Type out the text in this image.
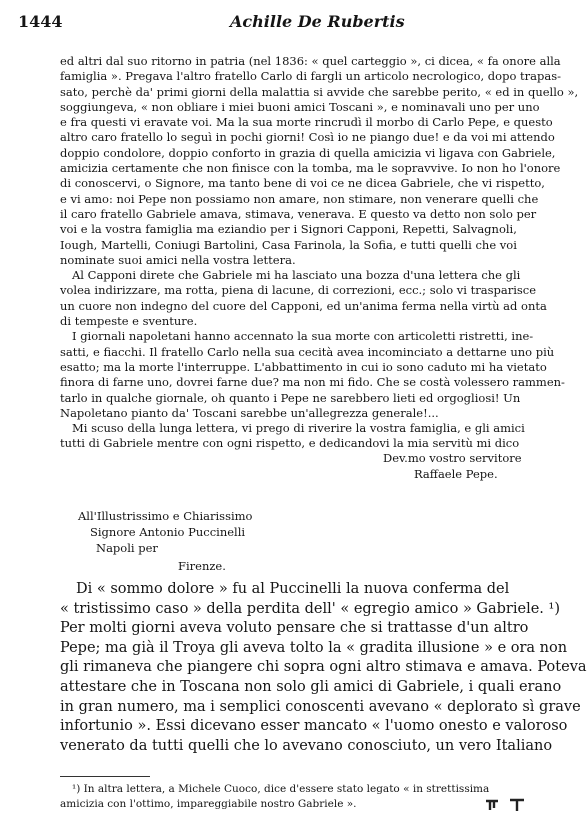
1444	Achille De Rubertis
ed altri dal suo ritorno in patria (nel 1836: « quel carteggio », ci dicea, « fa onore alla
famiglia ». Pregava l'altro fratello Carlo di fargli un articolo necrologico, dopo trapas-
sato, perchè da' primi giorni della malattia si avvide che sarebbe perito, « ed in quello »,
soggiungeva, « non obliare i miei buoni amici Toscani », e nominavali uno per uno
e fra questi vi eravate voi. Ma la sua morte rincrudì il morbo di Carlo Pepe, e questo
altro caro fratello lo seguì in pochi giorni! Così io ne piango due! e da voi mi attendo
doppio condolore, doppio conforto in grazia di quella amicizia vi ligava con Gabriele,
amicizia certamente che non finisce con la tomba, ma le sopravvive. Io non ho l'onore
di conoscervi, o Signore, ma tanto bene di voi ce ne dicea Gabriele, che vi rispetto,
e vi amo: noi Pepe non possiamo non amare, non stimare, non venerare quelli che
il caro fratello Gabriele amava, stimava, venerava. E questo va detto non solo per
voi e la vostra famiglia ma eziandio per i Signori Capponi, Repetti, Salvagnoli,
Iough, Martelli, Coniugi Bartolini, Casa Farinola, la Sofia, e tutti quelli che voi
nominate suoi amici nella vostra lettera.
Al Capponi direte che Gabriele mi ha lasciato una bozza d'una lettera che gli
volea indirizzare, ma rotta, piena di lacune, di correzioni, ecc.; solo vi trasparisce
un cuore non indegno del cuore del Capponi, ed un'anima ferma nella virtù ad onta
di tempeste e sventure.
I giornali napoletani hanno accennato la sua morte con articoletti ristretti, ine-
satti, e fiacchi. Il fratello Carlo nella sua cecità avea incominciato a dettarne uno più
esatto; ma la morte l'interruppe. L'abbattimento in cui io sono caduto mi ha vietato
finora di farne uno, dovrei farne due? ma non mi fido. Che se costà volessero rammen-
tarlo in qualche giornale, oh quanto i Pepe ne sarebbero lieti ed orgogliosi! Un
Napoletano pianto da' Toscani sarebbe un'allegrezza generale!...
Mi scuso della lunga lettera, vi prego di riverire la vostra famiglia, e gli amici
tutti di Gabriele mentre con ogni rispetto, e dedicandovi la mia servitù mi dico
Dev.mo vostro servitore
Raffaele Pepe.
All'Illustrissimo e Chiarissimo
Signore Antonio Puccinelli
Napoli per
Firenze.
Di « sommo dolore » fu al Puccinelli la nuova conferma del
« tristissimo caso » della perdita dell' « egregio amico » Gabriele. ¹)
Per molti giorni aveva voluto pensare che si trattasse d'un altro
Pepe; ma già il Troya gli aveva tolto la « gradita illusione » e ora non
gli rimaneva che piangere chi sopra ogni altro stimava e amava. Poteva
attestare che in Toscana non solo gli amici di Gabriele, i quali erano
in gran numero, ma i semplici conoscenti avevano « deplorato sì grave
infortunio ». Essi dicevano esser mancato « l'uomo onesto e valoroso
venerato da tutti quelli che lo avevano conosciuto, un vero Italiano
¹) In altra lettera, a Michele Cuoco, dice d'essere stato legato « in strettissima
amicizia con l'ottimo, impareggiabile nostro Gabriele ».
